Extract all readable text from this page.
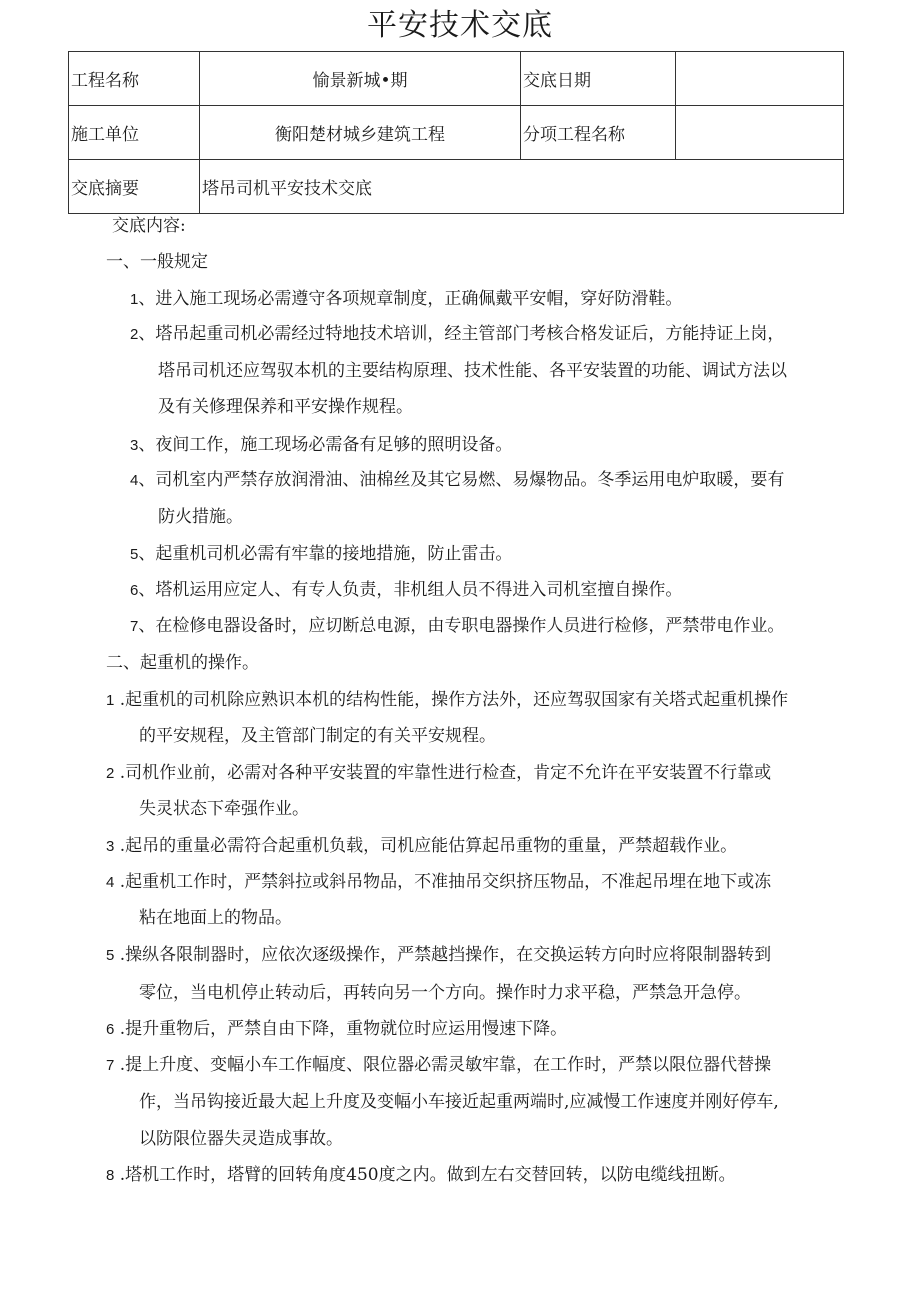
平安技术交底
工程名称	愉景新城•期	交底日期	
施工单位	衡阳楚材城乡建筑工程	分项工程名称	
交底摘要	塔吊司机平安技术交底		
交底内容:
一、一般规定
1、进入施工现场必需遵守各项规章制度，正确佩戴平安帽，穿好防滑鞋。
2、塔吊起重司机必需经过特地技术培训，经主管部门考核合格发证后，方能持证上岗，
塔吊司机还应驾驭本机的主要结构原理、技术性能、各平安装置的功能、调试方法以
及有关修理保养和平安操作规程。
3、夜间工作，施工现场必需备有足够的照明设备。
4、司机室内严禁存放润滑油、油棉丝及其它易燃、易爆物品。冬季运用电炉取暖，要有
防火措施。
5、起重机司机必需有牢靠的接地措施，防止雷击。
6、塔机运用应定人、有专人负责，非机组人员不得进入司机室擅自操作。
7、在检修电器设备时，应切断总电源，由专职电器操作人员进行检修，严禁带电作业。
二、起重机的操作。
1 .起重机的司机除应熟识本机的结构性能，操作方法外，还应驾驭国家有关塔式起重机操作
的平安规程，及主管部门制定的有关平安规程。
2 .司机作业前，必需对各种平安装置的牢靠性进行检查，肯定不允许在平安装置不行靠或
失灵状态下牵强作业。
3 .起吊的重量必需符合起重机负载，司机应能估算起吊重物的重量，严禁超载作业。
4 .起重机工作时，严禁斜拉或斜吊物品，不准抽吊交织挤压物品，不准起吊埋在地下或冻
粘在地面上的物品。
5 .操纵各限制器时，应依次逐级操作，严禁越挡操作，在交换运转方向时应将限制器转到
零位，当电机停止转动后，再转向另一个方向。操作时力求平稳，严禁急开急停。
6 .提升重物后，严禁自由下降，重物就位时应运用慢速下降。
7 .提上升度、变幅小车工作幅度、限位器必需灵敏牢靠，在工作时，严禁以限位器代替操
作，当吊钩接近最大起上升度及变幅小车接近起重两端时,应减慢工作速度并刚好停车,
以防限位器失灵造成事故。
8 .塔机工作时，塔臂的回转角度450度之内。做到左右交替回转，以防电缆线扭断。
